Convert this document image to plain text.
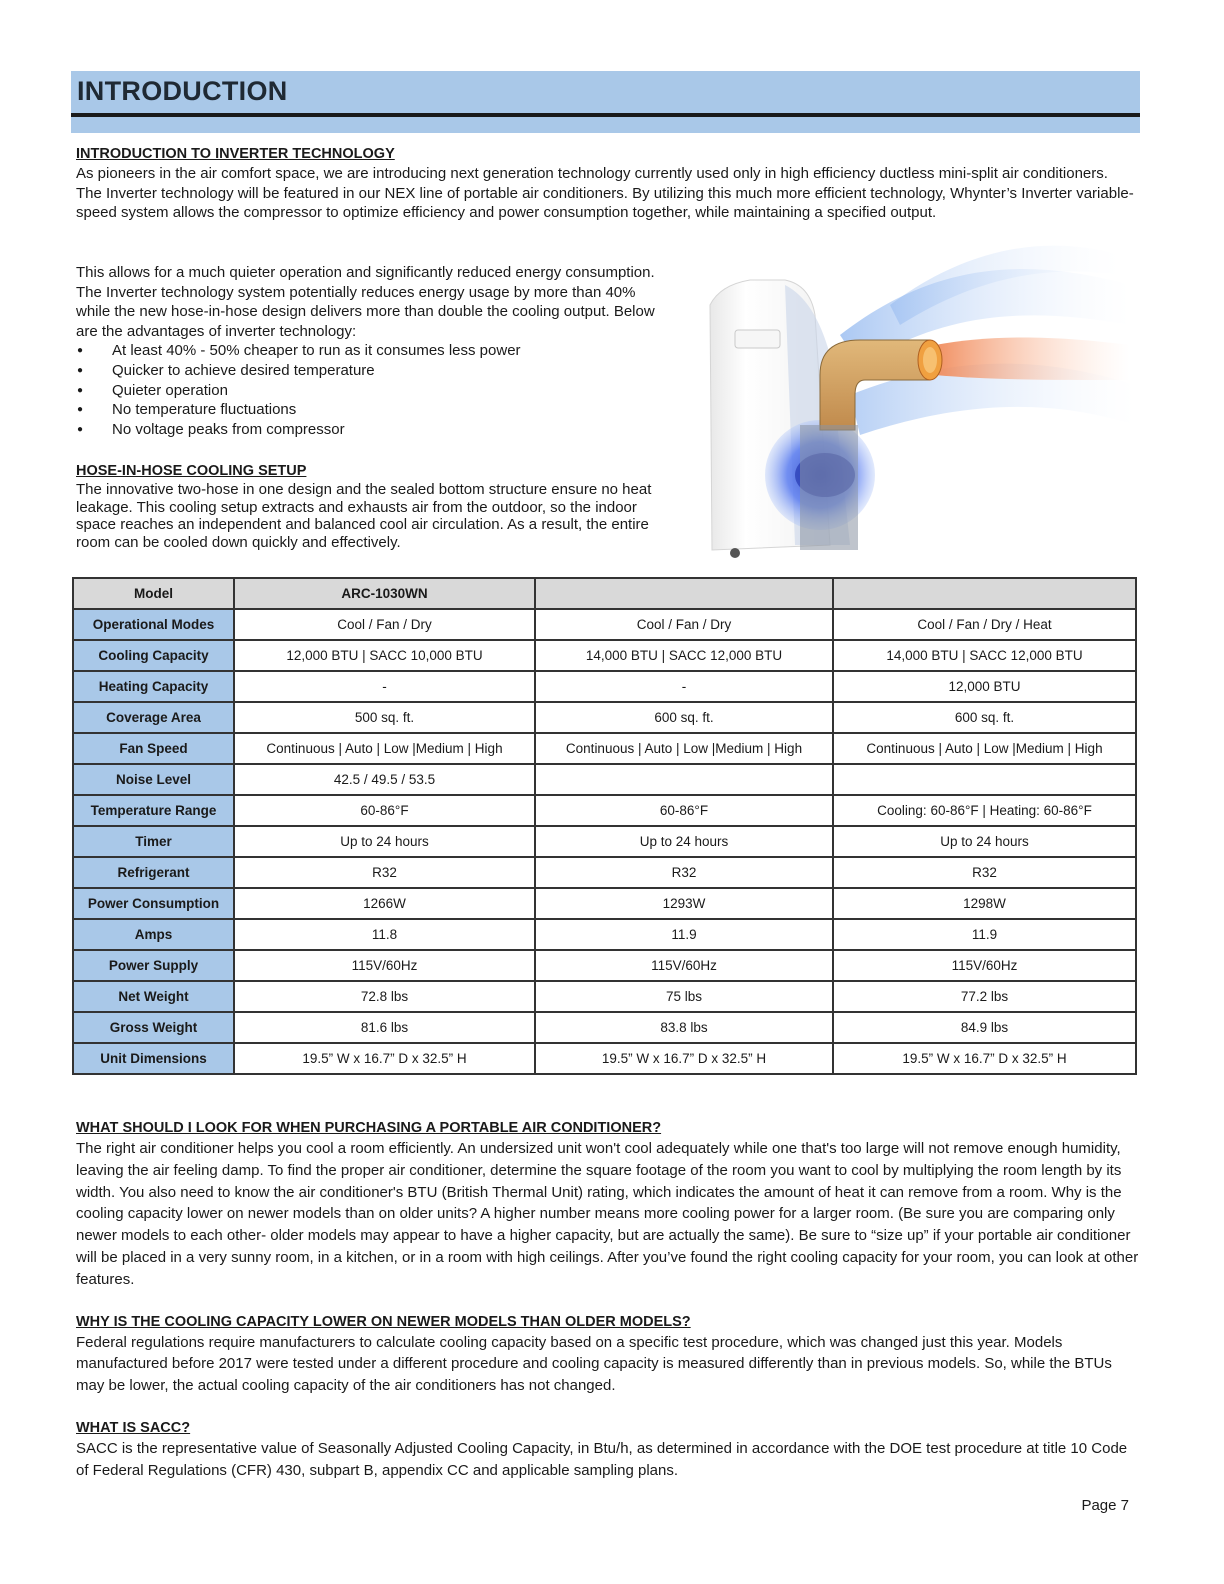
INTRODUCTION

INTRODUCTION TO INVERTER TECHNOLOGY

As pioneers in the air comfort space, we are introducing next generation technology currently used only in high efficiency ductless mini-split air conditioners. The Inverter technology will be featured in our NEX line of portable air conditioners. By utilizing this much more efficient technology, Whynter’s Inverter variable-speed system allows the compressor to optimize efficiency and power consumption together, while maintaining a specified output.

This allows for a much quieter operation and significantly reduced energy consumption. The Inverter technology system potentially reduces energy usage by more than 40% while the new hose-in-hose design delivers more than double the cooling output. Below are the advantages of inverter technology:

● At least 40% - 50% cheaper to run as it consumes less power
● Quicker to achieve desired temperature
● Quieter operation
● No temperature fluctuations
● No voltage peaks from compressor

HOSE-IN-HOSE COOLING SETUP

The innovative two-hose in one design and the sealed bottom structure ensure no heat leakage. This cooling setup extracts and exhausts air from the outdoor, so the indoor space reaches an independent and balanced cool air circulation. As a result, the entire room can be cooled down quickly and effectively.

Model	ARC-1030WN		
Operational Modes	Cool / Fan / Dry	Cool / Fan / Dry	Cool / Fan / Dry / Heat
Cooling Capacity	12,000 BTU | SACC 10,000 BTU	14,000 BTU | SACC 12,000 BTU	14,000 BTU | SACC 12,000 BTU
Heating Capacity	-	-	12,000 BTU
Coverage Area	500 sq. ft.	600 sq. ft.	600 sq. ft.
Fan Speed	Continuous | Auto | Low |Medium | High	Continuous | Auto | Low |Medium | High	Continuous | Auto | Low |Medium | High
Noise Level	42.5 / 49.5 / 53.5		
Temperature Range	60-86°F	60-86°F	Cooling: 60-86°F | Heating: 60-86°F
Timer	Up to 24 hours	Up to 24 hours	Up to 24 hours
Refrigerant	R32	R32	R32
Power Consumption	1266W	1293W	1298W
Amps	11.8	11.9	11.9
Power Supply	115V/60Hz	115V/60Hz	115V/60Hz
Net Weight	72.8 lbs	75 lbs	77.2 lbs
Gross Weight	81.6 lbs	83.8 lbs	84.9 lbs
Unit Dimensions	19.5” W x 16.7” D x 32.5” H	19.5” W x 16.7” D x 32.5” H	19.5” W x 16.7” D x 32.5” H

WHAT SHOULD I LOOK FOR WHEN PURCHASING A PORTABLE AIR CONDITIONER?

The right air conditioner helps you cool a room efficiently. An undersized unit won't cool adequately while one that's too large will not remove enough humidity, leaving the air feeling damp. To find the proper air conditioner, determine the square footage of the room you want to cool by multiplying the room length by its width. You also need to know the air conditioner's BTU (British Thermal Unit) rating, which indicates the amount of heat it can remove from a room. Why is the cooling capacity lower on newer models than on older units? A higher number means more cooling power for a larger room. (Be sure you are comparing only newer models to each other- older models may appear to have a higher capacity, but are actually the same). Be sure to “size up” if your portable air conditioner will be placed in a very sunny room, in a kitchen, or in a room with high ceilings. After you’ve found the right cooling capacity for your room, you can look at other features.

WHY IS THE COOLING CAPACITY LOWER ON NEWER MODELS THAN OLDER MODELS?

Federal regulations require manufacturers to calculate cooling capacity based on a specific test procedure, which was changed just this year. Models manufactured before 2017 were tested under a different procedure and cooling capacity is measured differently than in previous models. So, while the BTUs may be lower, the actual cooling capacity of the air conditioners has not changed.

WHAT IS SACC?

SACC is the representative value of Seasonally Adjusted Cooling Capacity, in Btu/h, as determined in accordance with the DOE test procedure at title 10 Code of Federal Regulations (CFR) 430, subpart B, appendix CC and applicable sampling plans.

Page 7
